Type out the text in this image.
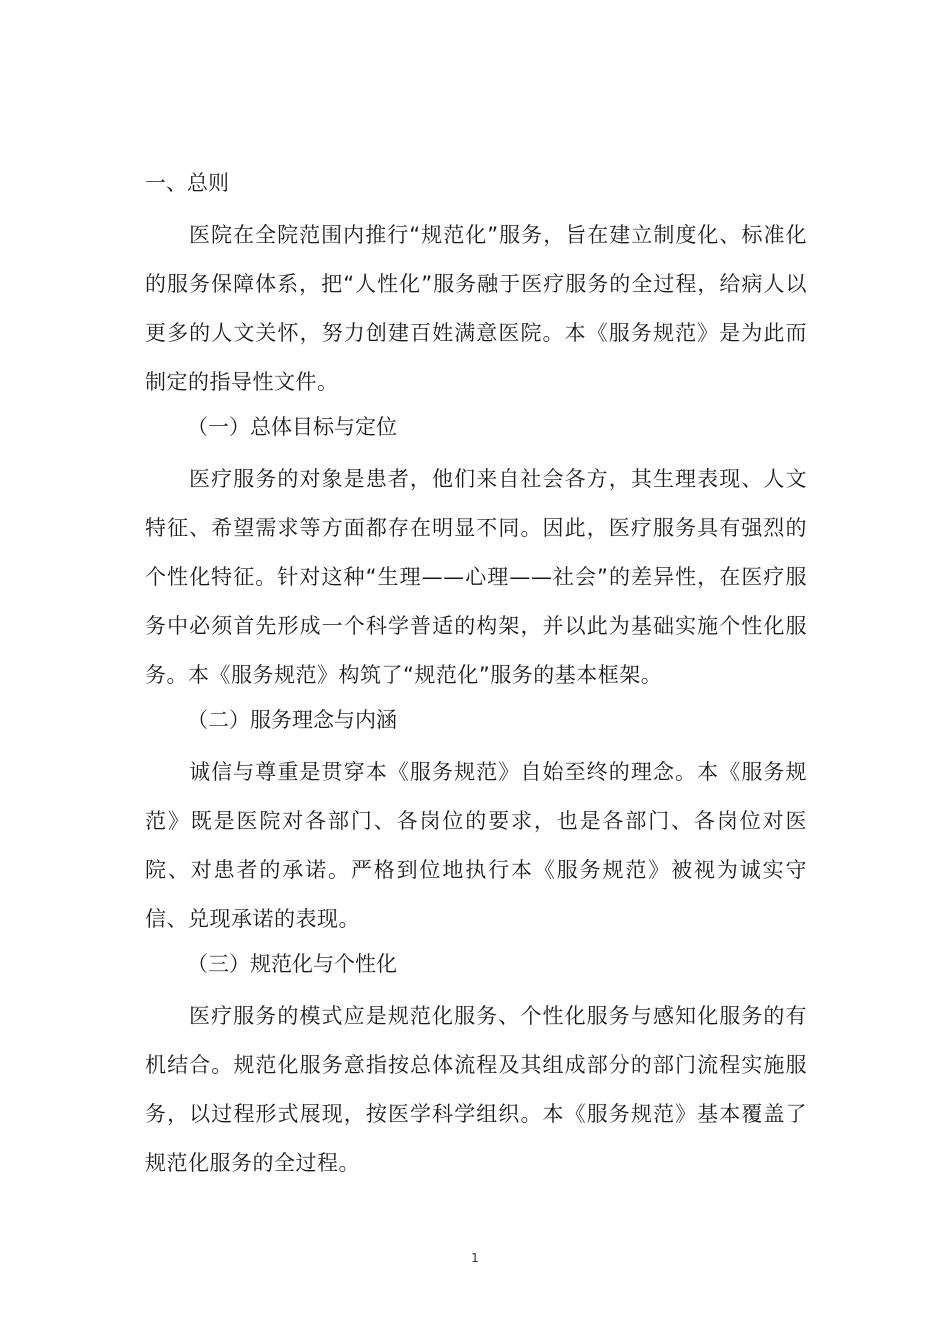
一、总则

医院在全院范围内推行“规范化”服务，旨在建立制度化、标准化的服务保障体系，把“人性化”服务融于医疗服务的全过程，给病人以更多的人文关怀，努力创建百姓满意医院。本《服务规范》是为此而制定的指导性文件。

（一）总体目标与定位

医疗服务的对象是患者，他们来自社会各方，其生理表现、人文特征、希望需求等方面都存在明显不同。因此，医疗服务具有强烈的个性化特征。针对这种“生理——心理——社会”的差异性，在医疗服务中必须首先形成一个科学普适的构架，并以此为基础实施个性化服务。本《服务规范》构筑了“规范化”服务的基本框架。

（二）服务理念与内涵

诚信与尊重是贯穿本《服务规范》自始至终的理念。本《服务规范》既是医院对各部门、各岗位的要求，也是各部门、各岗位对医院、对患者的承诺。严格到位地执行本《服务规范》被视为诚实守信、兑现承诺的表现。

（三）规范化与个性化

医疗服务的模式应是规范化服务、个性化服务与感知化服务的有机结合。规范化服务意指按总体流程及其组成部分的部门流程实施服务，以过程形式展现，按医学科学组织。本《服务规范》基本覆盖了规范化服务的全过程。

1
